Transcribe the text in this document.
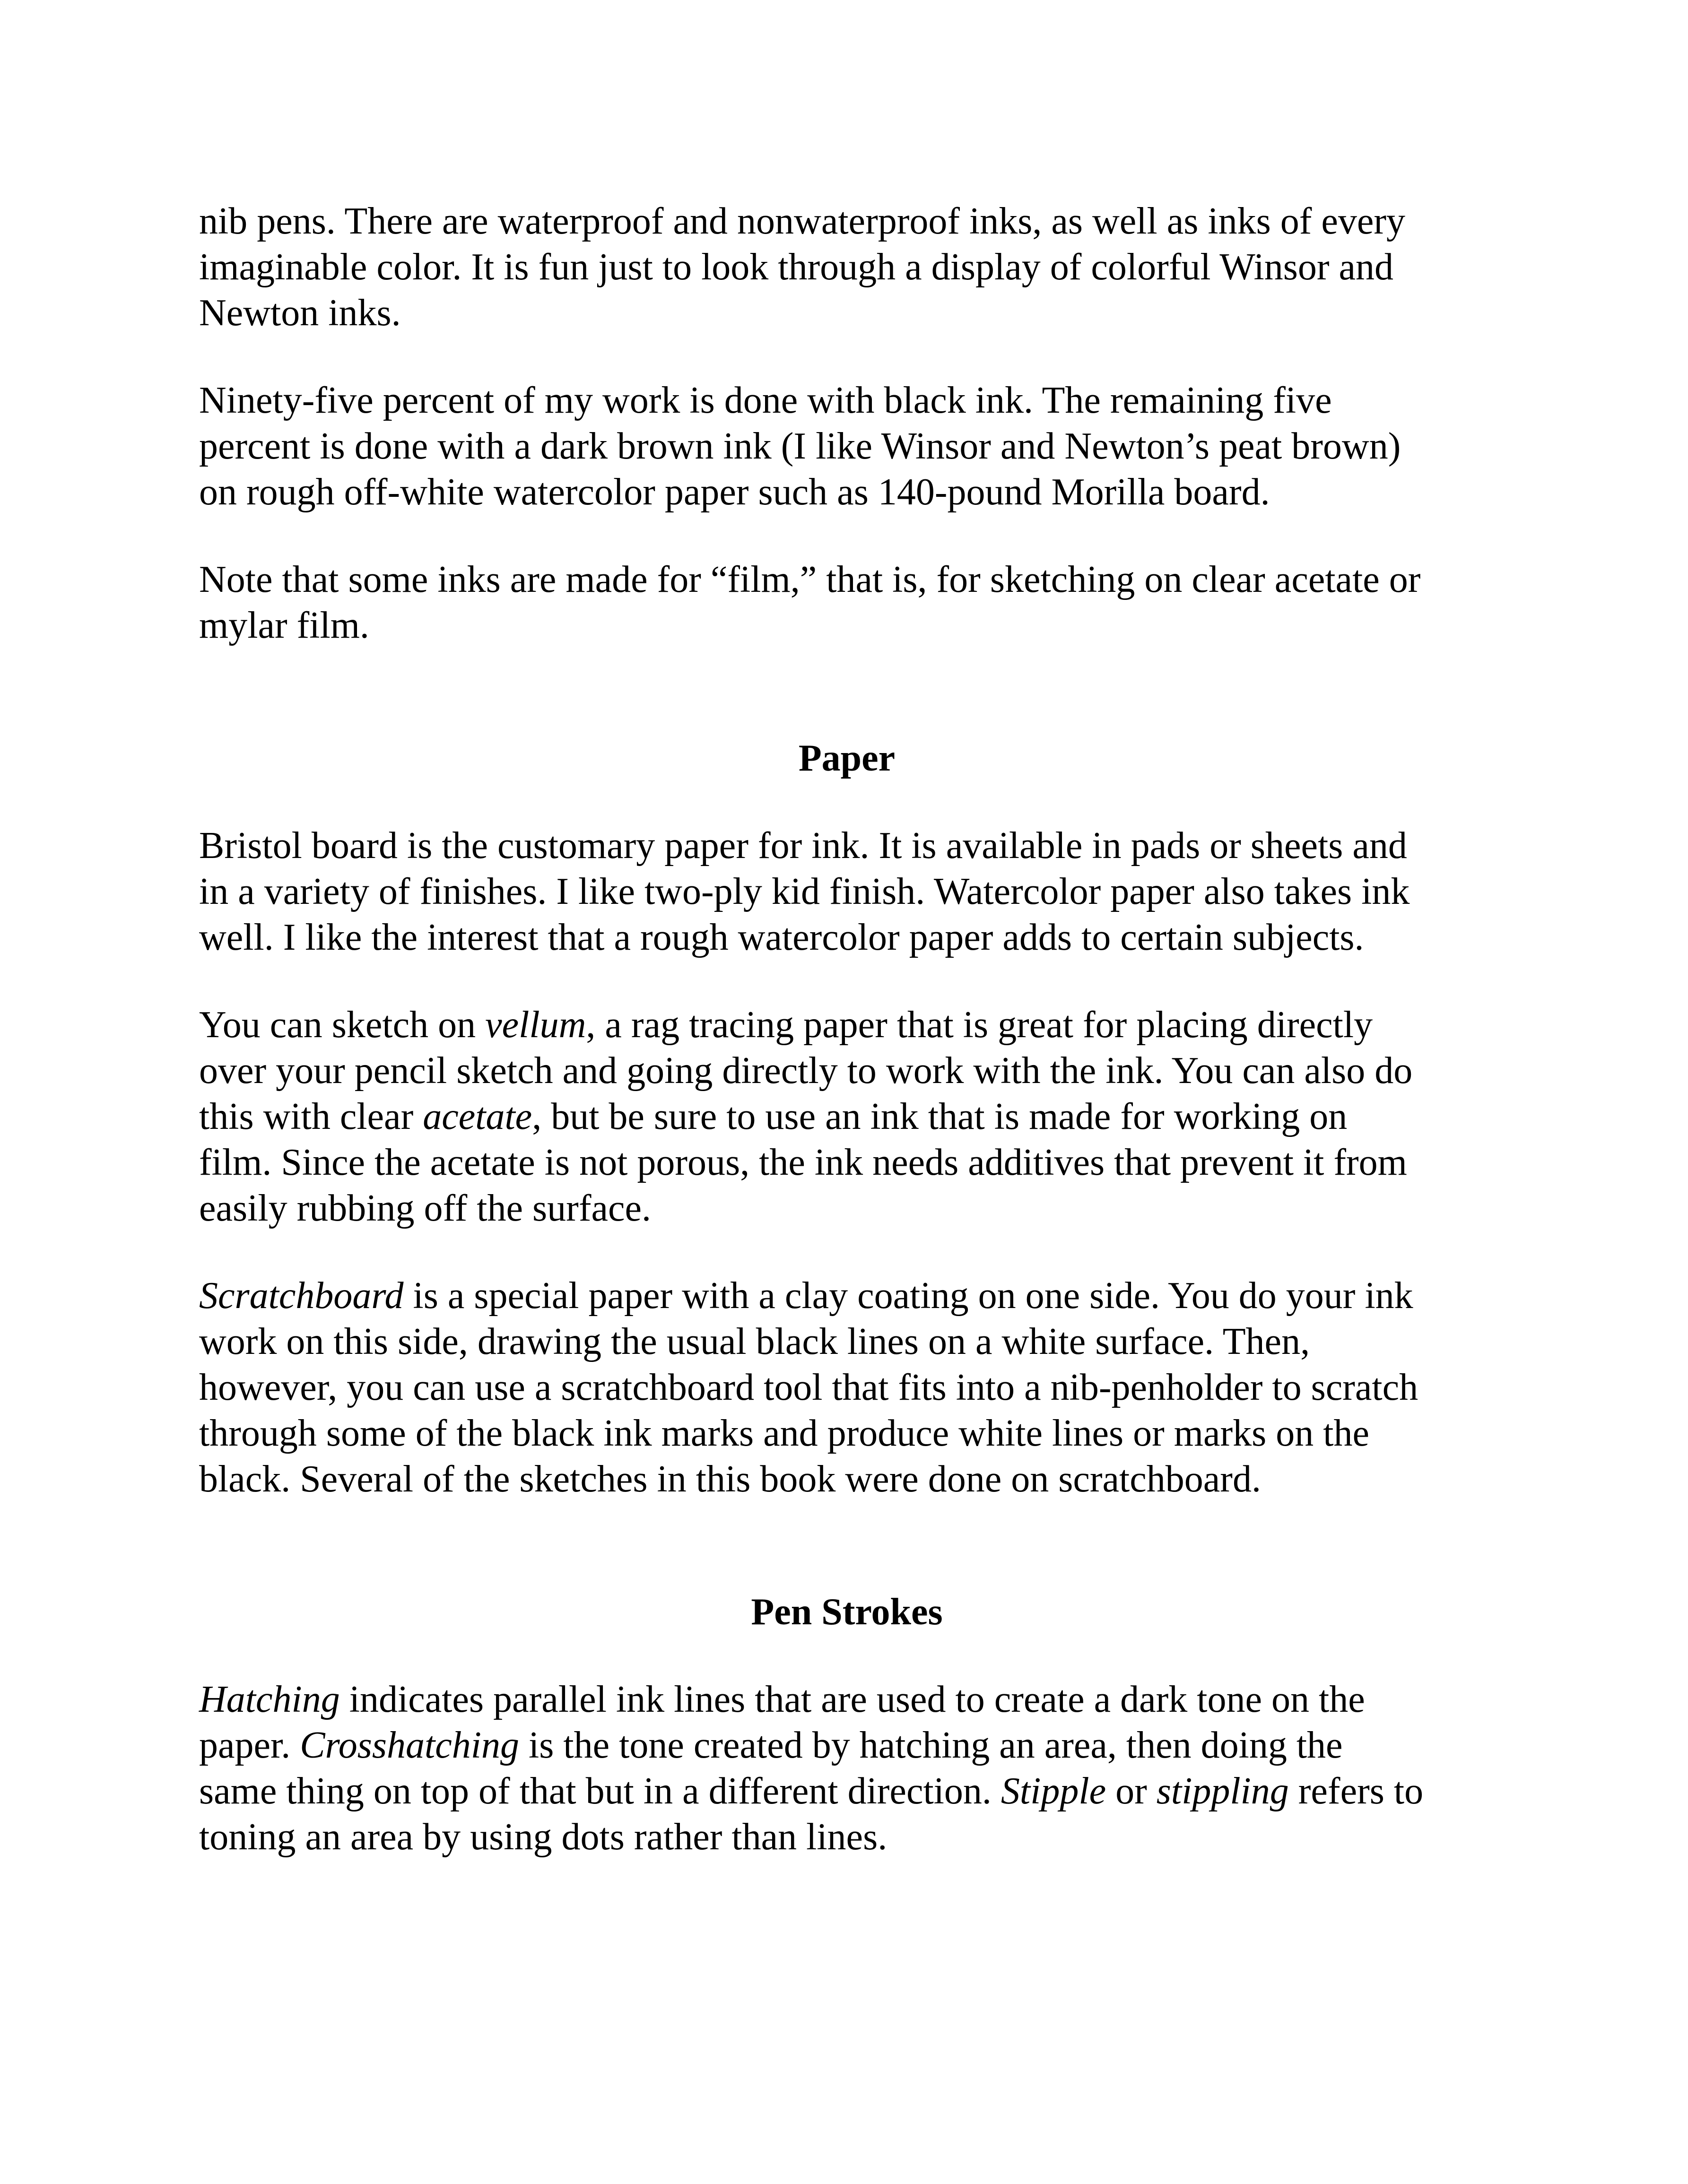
nib pens. There are waterproof and nonwaterproof inks, as well as inks of every
imaginable color. It is fun just to look through a display of colorful Winsor and
Newton inks.

Ninety-five percent of my work is done with black ink. The remaining five
percent is done with a dark brown ink (I like Winsor and Newton’s peat brown)
on rough off-white watercolor paper such as 140-pound Morilla board.

Note that some inks are made for “film,” that is, for sketching on clear acetate or
mylar film.

Paper

Bristol board is the customary paper for ink. It is available in pads or sheets and
in a variety of finishes. I like two-ply kid finish. Watercolor paper also takes ink
well. I like the interest that a rough watercolor paper adds to certain subjects.

You can sketch on vellum, a rag tracing paper that is great for placing directly
over your pencil sketch and going directly to work with the ink. You can also do
this with clear acetate, but be sure to use an ink that is made for working on
film. Since the acetate is not porous, the ink needs additives that prevent it from
easily rubbing off the surface.

Scratchboard is a special paper with a clay coating on one side. You do your ink
work on this side, drawing the usual black lines on a white surface. Then,
however, you can use a scratchboard tool that fits into a nib-penholder to scratch
through some of the black ink marks and produce white lines or marks on the
black. Several of the sketches in this book were done on scratchboard.

Pen Strokes

Hatching indicates parallel ink lines that are used to create a dark tone on the
paper. Crosshatching is the tone created by hatching an area, then doing the
same thing on top of that but in a different direction. Stipple or stippling refers to
toning an area by using dots rather than lines.
